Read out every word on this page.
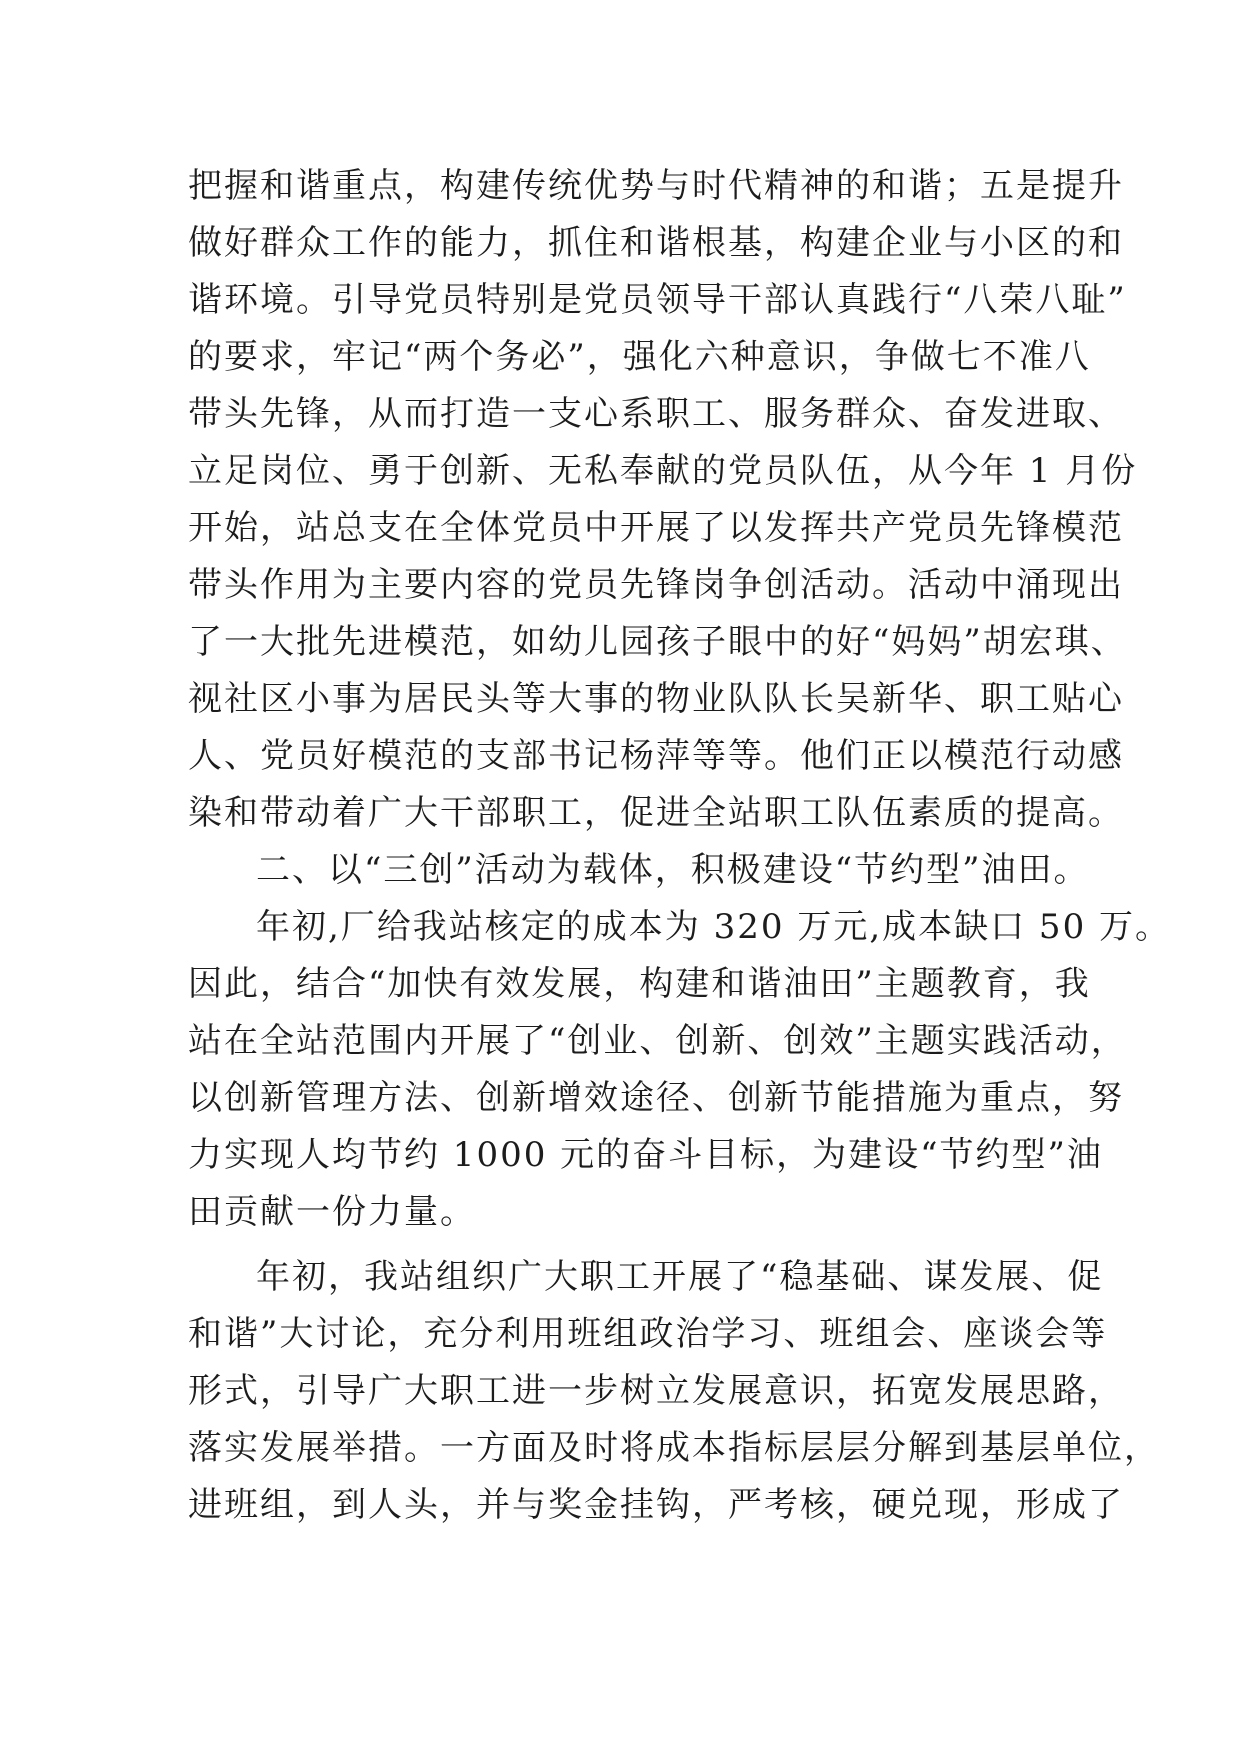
把握和谐重点，构建传统优势与时代精神的和谐；五是提升
做好群众工作的能力，抓住和谐根基，构建企业与小区的和
谐环境。引导党员特别是党员领导干部认真践行“八荣八耻”
的要求，牢记“两个务必”，强化六种意识，争做七不准八
带头先锋，从而打造一支心系职工、服务群众、奋发进取、
立足岗位、勇于创新、无私奉献的党员队伍，从今年 1 月份
开始，站总支在全体党员中开展了以发挥共产党员先锋模范
带头作用为主要内容的党员先锋岗争创活动。活动中涌现出
了一大批先进模范，如幼儿园孩子眼中的好“妈妈”胡宏琪、
视社区小事为居民头等大事的物业队队长吴新华、职工贴心
人、党员好模范的支部书记杨萍等等。他们正以模范行动感
染和带动着广大干部职工，促进全站职工队伍素质的提高。
二、以“三创”活动为载体，积极建设“节约型”油田。
年初,厂给我站核定的成本为 320 万元,成本缺口 50 万。
因此，结合“加快有效发展，构建和谐油田”主题教育，我
站在全站范围内开展了“创业、创新、创效”主题实践活动，
以创新管理方法、创新增效途径、创新节能措施为重点，努
力实现人均节约 1000 元的奋斗目标，为建设“节约型”油
田贡献一份力量。
年初，我站组织广大职工开展了“稳基础、谋发展、促
和谐”大讨论，充分利用班组政治学习、班组会、座谈会等
形式，引导广大职工进一步树立发展意识，拓宽发展思路，
落实发展举措。一方面及时将成本指标层层分解到基层单位，
进班组，到人头，并与奖金挂钩，严考核，硬兑现，形成了
